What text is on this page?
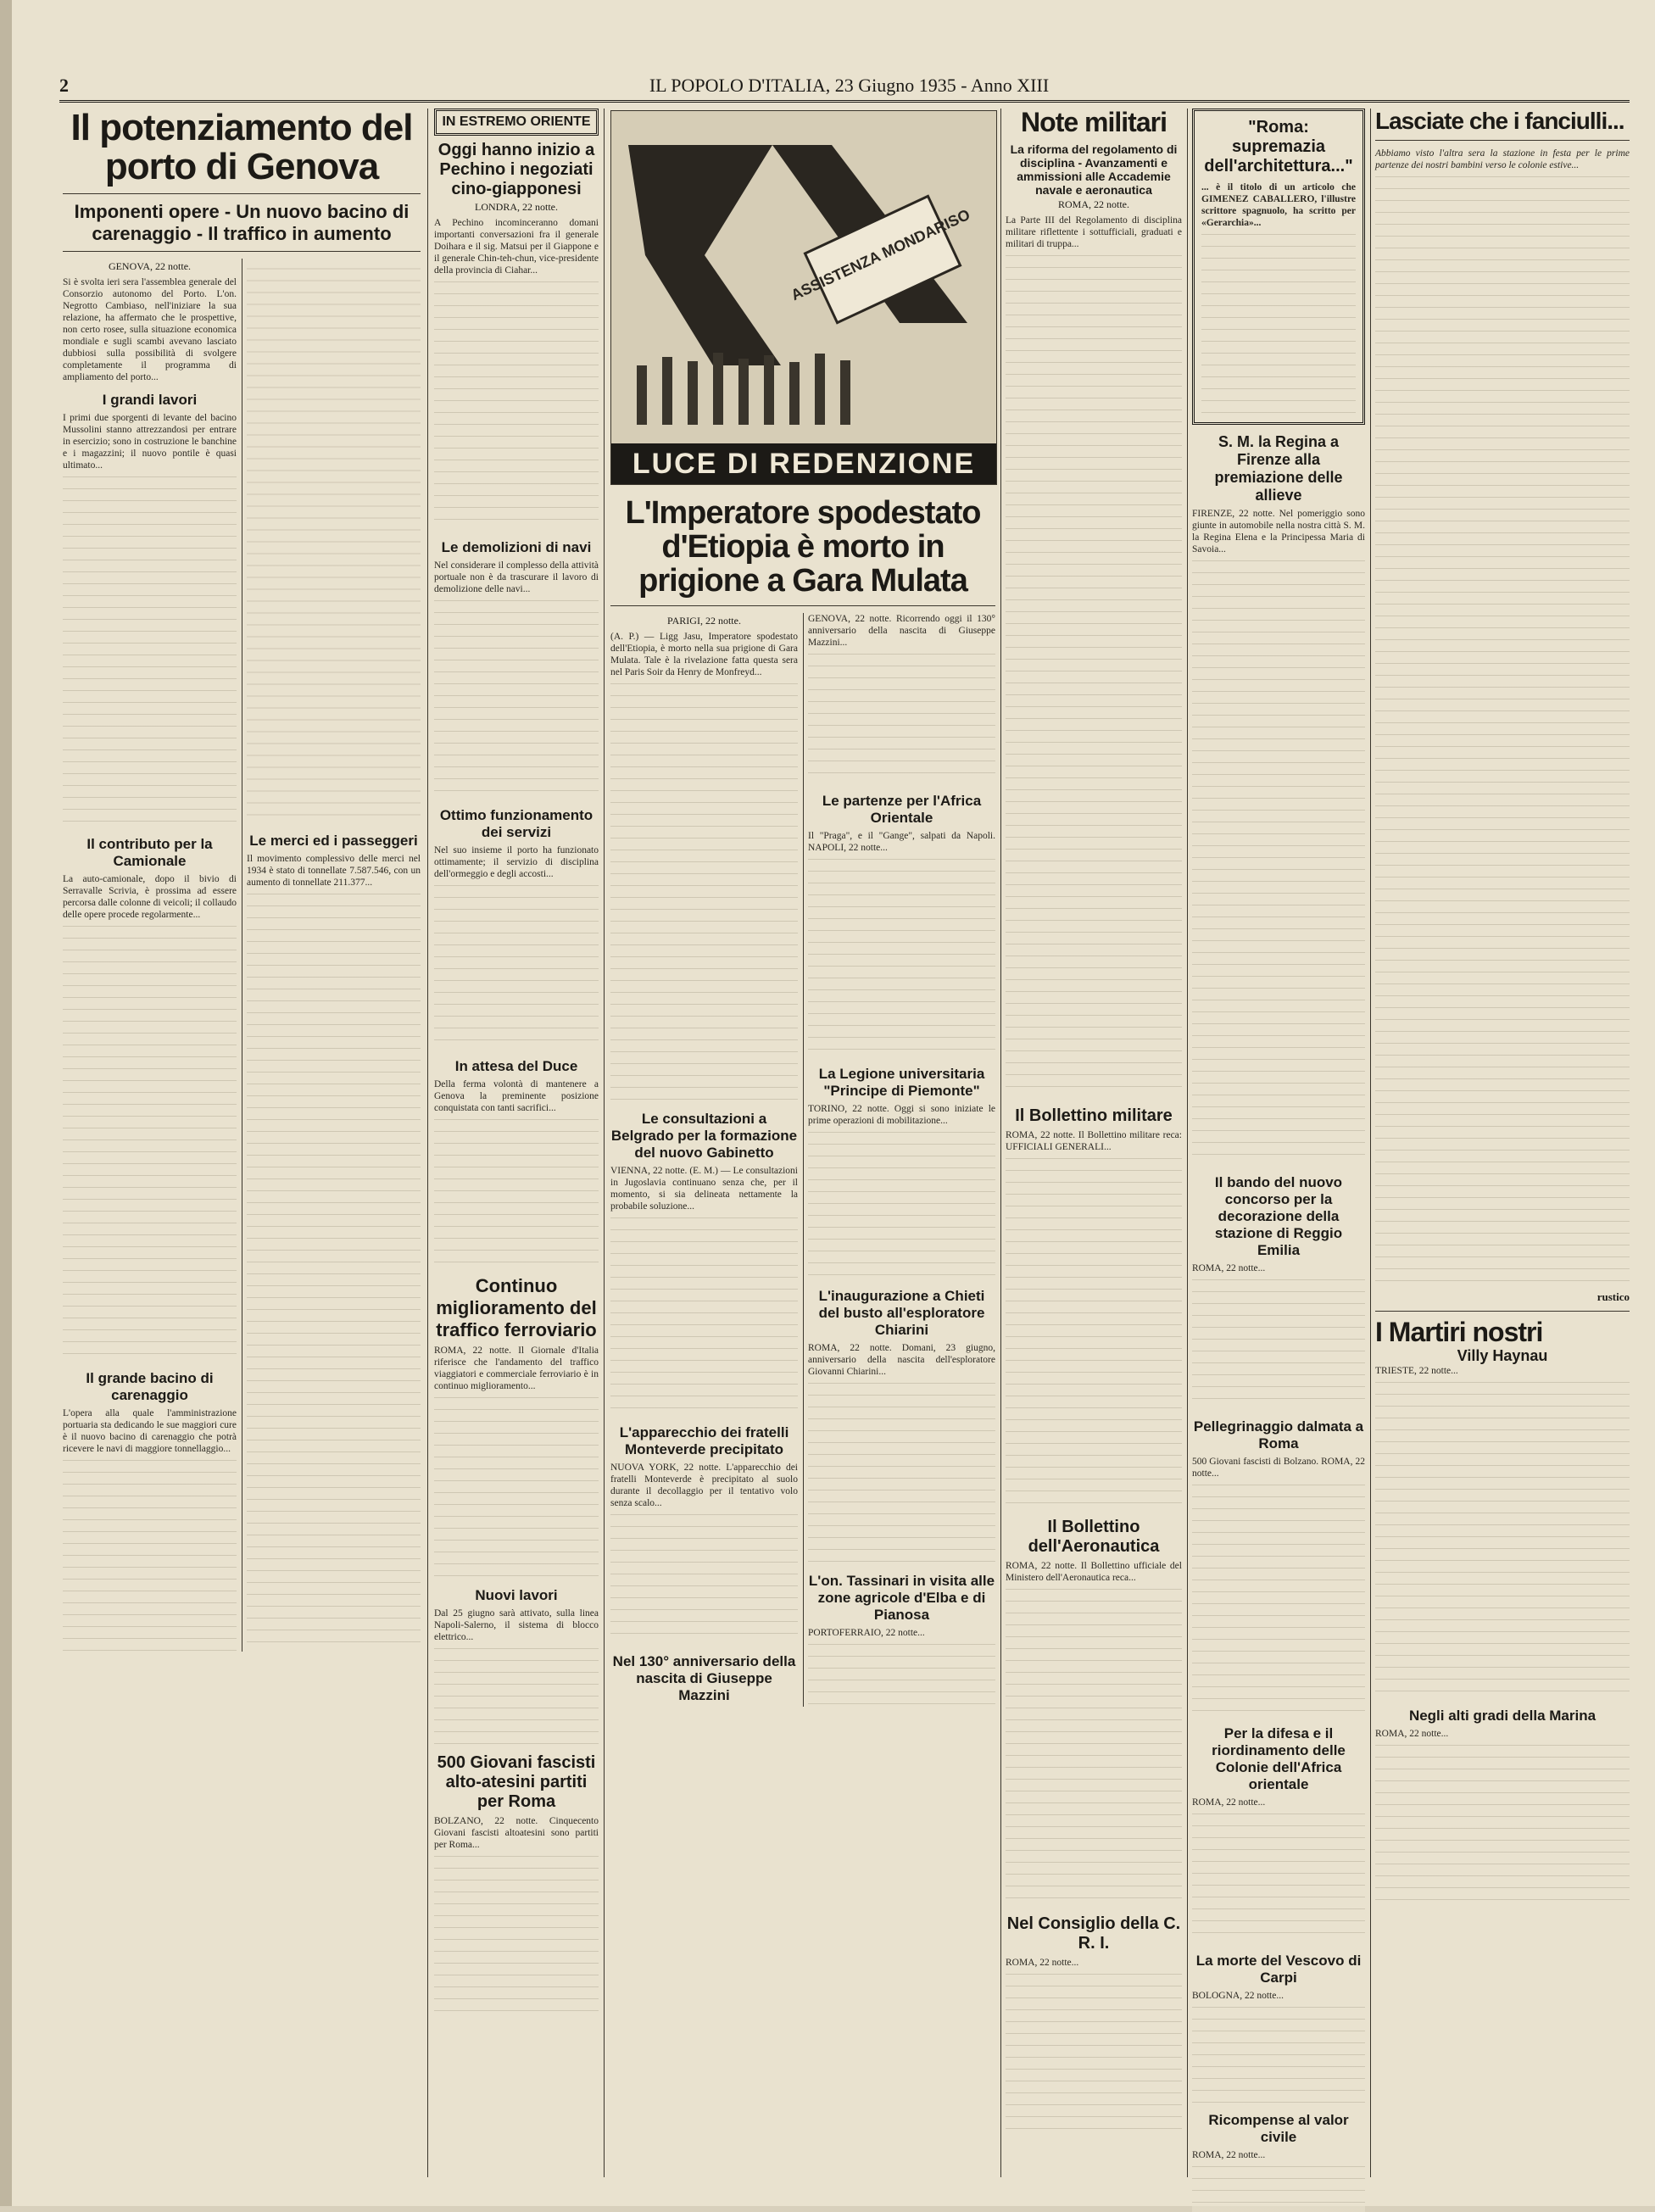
2	IL POPOLO D'ITALIA, 23 Giugno 1935 - Anno XIII
Il potenziamento del porto di Genova
Imponenti opere - Un nuovo bacino di carenaggio - Il traffico in aumento
GENOVA, 22 notte.
Si è svolta ieri sera l'assemblea generale del Consorzio autonomo del Porto. L'on. Negrotto Cambiaso, nell'iniziare la sua relazione, ha affermato che le prospettive, non certo rosee, sulla situazione economica mondiale e sugli scambi avevano lasciato dubbiosi sulla possibilità di svolgere completamente il programma di ampliamento del porto...
I grandi lavori
I primi due sporgenti di levante del bacino Mussolini stanno attrezzandosi per entrare in esercizio; sono in costruzione le banchine e i magazzini; il nuovo pontile è quasi ultimato...
Il contributo per la Camionale
La auto-camionale, dopo il bivio di Serravalle Scrivia, è prossima ad essere percorsa dalle colonne di veicoli; il collaudo delle opere procede regolarmente...
Il grande bacino di carenaggio
L'opera alla quale l'amministrazione portuaria sta dedicando le sue maggiori cure è il nuovo bacino di carenaggio che potrà ricevere le navi di maggiore tonnellaggio...
Le merci ed i passeggeri
Il movimento complessivo delle merci nel 1934 è stato di tonnellate 7.587.546, con un aumento di tonnellate 211.377...
IN ESTREMO ORIENTE
Oggi hanno inizio a Pechino i negoziati cino-giapponesi
LONDRA, 22 notte.
A Pechino incominceranno domani importanti conversazioni fra il generale Doihara e il sig. Matsui per il Giappone e il generale Chin-teh-chun, vice-presidente della provincia di Ciahar...
Le demolizioni di navi
Nel considerare il complesso della attività portuale non è da trascurare il lavoro di demolizione delle navi...
Ottimo funzionamento dei servizi
Nel suo insieme il porto ha funzionato ottimamente; il servizio di disciplina dell'ormeggio e degli accosti...
In attesa del Duce
Della ferma volontà di mantenere a Genova la preminente posizione conquistata con tanti sacrifici...
Continuo miglioramento del traffico ferroviario
ROMA, 22 notte. Il Giornale d'Italia riferisce che l'andamento del traffico viaggiatori e commerciale ferroviario è in continuo miglioramento...
Nuovi lavori
Dal 25 giugno sarà attivato, sulla linea Napoli-Salerno, il sistema di blocco elettrico...
500 Giovani fascisti alto-atesini partiti per Roma
BOLZANO, 22 notte. Cinquecento Giovani fascisti altoatesini sono partiti per Roma...
ASSISTENZA MONDARISO
LUCE DI REDENZIONE
L'Imperatore spodestato d'Etiopia è morto in prigione a Gara Mulata
PARIGI, 22 notte.
(A. P.) — Ligg Jasu, Imperatore spodestato dell'Etiopia, è morto nella sua prigione di Gara Mulata. Tale è la rivelazione fatta questa sera nel Paris Soir da Henry de Monfreyd...
Le consultazioni a Belgrado per la formazione del nuovo Gabinetto
VIENNA, 22 notte. (E. M.) — Le consultazioni in Jugoslavia continuano senza che, per il momento, si sia delineata nettamente la probabile soluzione...
L'apparecchio dei fratelli Monteverde precipitato
NUOVA YORK, 22 notte. L'apparecchio dei fratelli Monteverde è precipitato al suolo durante il decollaggio per il tentativo volo senza scalo...
Nel 130° anniversario della nascita di Giuseppe Mazzini
GENOVA, 22 notte. Ricorrendo oggi il 130° anniversario della nascita di Giuseppe Mazzini...
Le partenze per l'Africa Orientale
Il "Praga", e il "Gange", salpati da Napoli. NAPOLI, 22 notte...
La Legione universitaria "Principe di Piemonte"
TORINO, 22 notte. Oggi si sono iniziate le prime operazioni di mobilitazione...
L'inaugurazione a Chieti del busto all'esploratore Chiarini
ROMA, 22 notte. Domani, 23 giugno, anniversario della nascita dell'esploratore Giovanni Chiarini...
L'on. Tassinari in visita alle zone agricole d'Elba e di Pianosa
PORTOFERRAIO, 22 notte...
Note militari
La riforma del regolamento di disciplina - Avanzamenti e ammissioni alle Accademie navale e aeronautica
ROMA, 22 notte.
La Parte III del Regolamento di disciplina militare riflettente i sottufficiali, graduati e militari di truppa...
Il Bollettino militare
ROMA, 22 notte. Il Bollettino militare reca: UFFICIALI GENERALI...
Il Bollettino dell'Aeronautica
ROMA, 22 notte. Il Bollettino ufficiale del Ministero dell'Aeronautica reca...
Nel Consiglio della C. R. I.
ROMA, 22 notte...
"Roma: supremazia dell'architettura..."
... è il titolo di un articolo che GIMENEZ CABALLERO, l'illustre scrittore spagnuolo, ha scritto per «Gerarchia»...
S. M. la Regina a Firenze alla premiazione delle allieve
FIRENZE, 22 notte. Nel pomeriggio sono giunte in automobile nella nostra città S. M. la Regina Elena e la Principessa Maria di Savoia...
Il bando del nuovo concorso per la decorazione della stazione di Reggio Emilia
ROMA, 22 notte...
Pellegrinaggio dalmata a Roma
500 Giovani fascisti di Bolzano. ROMA, 22 notte...
Per la difesa e il riordinamento delle Colonie dell'Africa orientale
ROMA, 22 notte...
La morte del Vescovo di Carpi
BOLOGNA, 22 notte...
Ricompense al valor civile
ROMA, 22 notte...
Lasciate che i fanciulli...
Abbiamo visto l'altra sera la stazione in festa per le prime partenze dei nostri bambini verso le colonie estive...
rustico
I Martiri nostri
Villy Haynau
TRIESTE, 22 notte...
Negli alti gradi della Marina
ROMA, 22 notte...
